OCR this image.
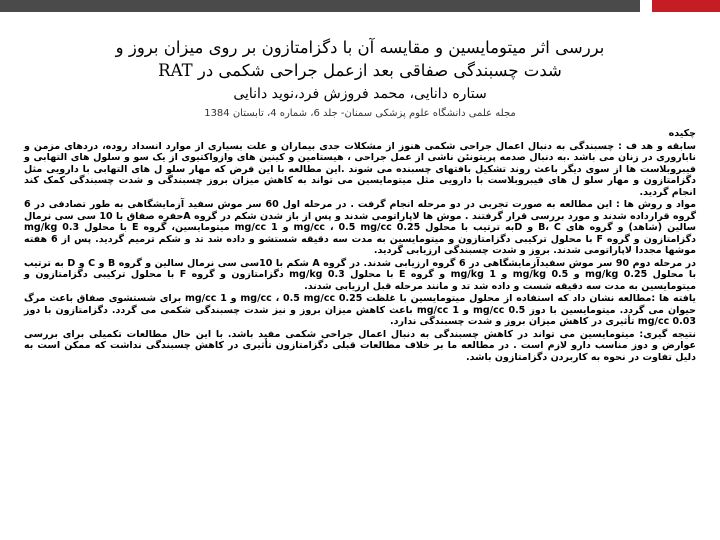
بررسی اثر میتومایسین و مقایسه آن با دگزامتازون بر روی میزان بروز و
شدت چسبندگی صفاقی بعد ازعمل جراحی شکمی در RAT
ستاره دانایی، محمد فروزش فرد،نوید دانایی
مجله علمی دانشگاه علوم پزشکی سمنان- جلد 6، شماره 4، تابستان 1384

چکیده

سابقه و هد ف : چسبندگی به دنبال اعمال جراحی شکمی هنوز از مشکلات جدی بیماران و علت بسیاری از موارد انسداد روده، دردهای مزمن و ناباروری در زنان می باشد .به دنبال صدمه پریتونئن ناشی از عمل جراحی ، هیستامین و کینین های وازواکتیوی از یک سو و سلول های التهابی و فیبروبلاست ها از سوی دیگر باعث روند تشکیل بافتهای چسبنده می شوند .این مطالعه با این فرض که مهار سلو ل های التهابی با دارویی مثل دگزامتازون و مهار سلو ل های فیبروبلاست با دارویی مثل میتومایسین می تواند به کاهش میزان بروز چسبندگی و شدت چسبندگی کمک کند انجام گردید.

مواد و روش ها : این مطالعه به صورت تجربی در دو مرحله انجام گرفت . در مرحله اول 60 سر موش سفید آزمایشگاهی به طور تصادفی در 6 گروه قرارداده شدند و مورد بررسی قرار گرفتند . موش ها لاپاراتومی شدند و پس از باز شدن شکم در گروه Aحفره صفاق با 10 سی سی نرمال سالین (شاهد) و گروه های B، C و Dبه ترتیب با محلول 0.25 mg/cc ، 0.5 mg/cc و 1 mg/cc میتومایسین، گروه E با محلول 0.3 mg/kg دگزامتازون و گروه F با محلول ترکیبی دگزامتازون و میتومایسین به مدت سه دقیقه شستشو و داده شد تد و شکم ترمیم گردید. پس از 6 هفته موشها مجددا لاپاراتومی شدند. بروز و شدت چسبندگی ارزیابی گردید.

در مرحله دوم 90 سر موش سفیدآزمایشگاهی در 6 گروه ارزیابی شدند. در گروه A شکم با 10سی سی نرمال سالین و گروه B و C و D به ترتیب با محلول 0.25 mg/kg و 0.5 mg/kg و 1 mg/kg و گروه E با محلول 0.3 mg/kg دگزامتازون و گروه F با محلول ترکیبی دگزامتازون و میتومایسین به مدت سه دقیقه شست و داده شد تد و مانند مرحله قبل ارزیابی شدند.

یافته ها :مطالعه نشان داد که استفاده از محلول میتومایسین با غلظت 0.25 mg/cc ، 0.5 mg/cc و 1 mg/cc برای شستشوی صفاق باعث مرگ حیوان می گردد. میتومایسین با دوز 0.5 mg/cc و 1 mg/cc باعث کاهش میزان بروز و نیز شدت چسبندگی شکمی می گردد. دگزامتازون با دوز 0.03 mg/cc تأثیری در کاهش میزان بروز و شدت چسبندگی ندارد.

نتیجه گیری: میتومایسین می تواند در کاهش چسبندگی به دنبال اعمال جراحی شکمی مفید باشد. با این حال مطالعات تکمیلی برای بررسی عوارض و دوز مناسب دارو لازم است . در مطالعه ما بر خلاف مطالعات قبلی دگزامتازون تأثیری در کاهش چسبندگی نداشت که ممکن است به دلیل تفاوت در نحوه به کاربردن دگزامتازون باشد.
